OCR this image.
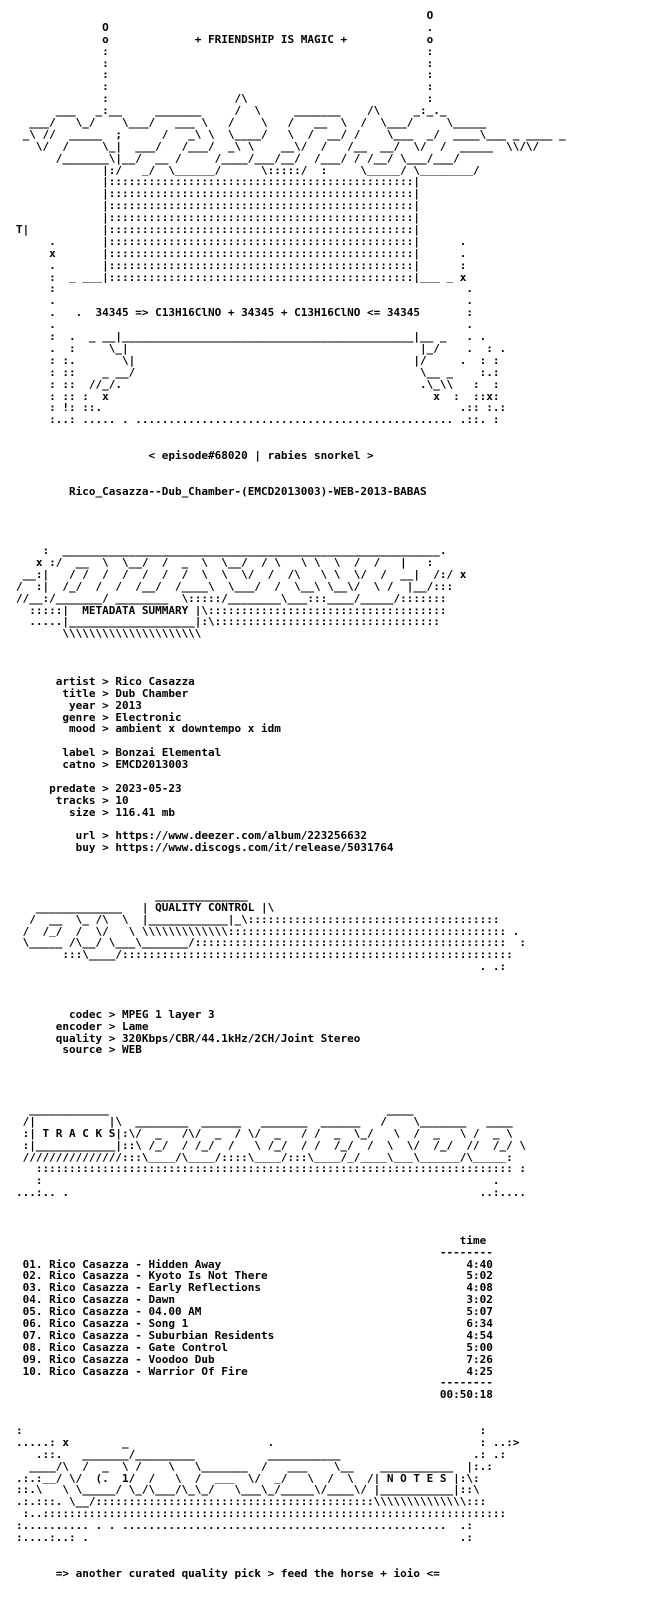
O
O                                                .
o             + FRIENDSHIP IS MAGIC +            o
:                                                :
:                                                :
:                                                :
:                                                :
:                   /\                           :
___   _:__     _______     /  \     _______    /\     _:_._
___/   \_/    \___/   ___ \   /    \   /   __  \  /  \___/     \_____
_\ //  _____  ;      /   _\ \  \____/   \  /  __/ /    \___  _/  ____\___ _ ____ _
\/  /     \_|  ___/   /___/  _\ \    __\/  /   /__  __/  \/  /  _____  \\/\/
/_______\|__/  __ /     /____/___/__/  /___/ / /__/ \___/___/
|:/   _/  \______/      \:::::/  :     \_____/ \________/
|::::::::::::::::::::::::::::::::::::::::::::::|
|::::::::::::::::::::::::::::::::::::::::::::::|
|::::::::::::::::::::::::::::::::::::::::::::::|
|::::::::::::::::::::::::::::::::::::::::::::::|
T|           |::::::::::::::::::::::::::::::::::::::::::::::|
.       |::::::::::::::::::::::::::::::::::::::::::::::|      .
x       |::::::::::::::::::::::::::::::::::::::::::::::|      .
.       |::::::::::::::::::::::::::::::::::::::::::::::|      :
:  _ ___|::::::::::::::::::::::::::::::::::::::::::::::|___ _ x
:                                                              .
.                                                              .
.   .  34345 => C13H16ClNO + 34345 + C13H16ClNO <= 34345       :
.                                                              .
:  .  _ __|____________________________________________|__ _   . .
.  :     \_|                                            |_/    .  : .
: :.       \|                                          |/     .  : :
: ::    _ __/                                           \__ _    :.:
: ::  //_/.                                             .\_\\   :  :
: :: :  x                                                 x  :  ::x:
: !: ::.                                                      .:: :.:
:..: ..... . ................................................ .::. :
< episode#68020 | rabies snorkel >
Rico_Casazza--Dub_Chamber-(EMCD2013003)-WEB-2013-BABAS
:  _________________________________________________________.
x :/  __  \  \__/  /  _  \  \__/  / \   \ \  \  /  /   |   :
__:|   / /  /  /  /  /  /  \  \  \/  /  /\   \ \  \/  /  __|  /:/ x
/  :|  /_/  /  /  /__/  /____\  \___/  /  \__\ \__\/  \ /  |__/:::
//__:/_______/ ________  \:::::/________\___:::____/_____/:::::::
:::::|  METADATA SUMMARY |\::::::::::::::::::::::::::::::::::::
.....|___________________|:\::::::::::::::::::::::::::::::::::
\\\\\\\\\\\\\\\\\\\\\
artist > Rico Casazza
title > Dub Chamber
year > 2013
genre > Electronic
mood > ambient x downtempo x idm
label > Bonzai Elemental
catno > EMCD2013003
predate > 2023-05-23
tracks > 10
size > 116.41 mb
url > https://www.deezer.com/album/223256632
buy > https://www.discogs.com/it/release/5031764
______________
_____________   | QUALITY CONTROL |\
/  __  \_ /\  \  |____________|_\::::::::::::::::::::::::::::::::::::::
/  /_/  /  \/   \ \\\\\\\\\\\\\:::::::::::::::::::::::::::::::::::::::::: .
\_____ /\__/ \___\_______/:::::::::::::::::::::::::::::::::::::::::::::::  :
:::\____/:::::::::::::::::::::::::::::::::::::::::::::::::::::::::::
. .:
codec > MPEG 1 layer 3
encoder > Lame
quality > 320Kbps/CBR/44.1kHz/2CH/Joint Stereo
source > WEB
____________                                          ____
/|           |\  ________  ______   _______  ______   /    \_______   ____
:| T R A C K S|:\/  _   /\/  _  / \/  _   / /  _  \_/   \  /  _   \ /  _ \
:|____________|::\ /_/  / /_/  /   \ /_/  / /  /_/  /  \  \/  /_/  //  /_/ \
///////////////:::\____/\____/::::\____/:::\____/_/____\___\______/\_____:
:::::::::::::::::::::::::::::::::::::::::::::::::::::::::::::::::::::::: :
:                                                                    .
...:.. .                                                              ..:....
time
--------
01. Rico Casazza - Hidden Away                                     4:40
02. Rico Casazza - Kyoto Is Not There                              5:02
03. Rico Casazza - Early Reflections                               4:08
04. Rico Casazza - Dawn                                            3:02
05. Rico Casazza - 04.00 AM                                        5:07
06. Rico Casazza - Song 1                                          6:34
07. Rico Casazza - Suburbian Residents                             4:54
08. Rico Casazza - Gate Control                                    5:00
09. Rico Casazza - Voodoo Dub                                      7:26
10. Rico Casazza - Warrior Of Fire                                 4:25
--------
00:50:18
:                                                                     :
.....: x        _                     .                               : ..:>
.::.   _______/_________           ___________                    .: .:
____/\  /  _  \ /    \   \_______  /   ___    \__    ___________  |:.:
.:.:__/ \/  (.  1/  /   \  /  ___  \/  _/   \  /  \  /| N O T E S |:\:
::.\   \ \_____/ \_/\___/\_\_/   \___\_/_____\/____\/ |___________|::\
.:.:::. \__/::::::::::::::::::::::::::::::::::::::::::\\\\\\\\\\\\\\:::
:..::::::::::::::::::::::::::::::::::::::::::::::::::::::::::::::::::::::
:.......... . . .................................................  .:
:....:..: .                                                        .:
=> another curated quality pick > feed the horse + ioio <=
